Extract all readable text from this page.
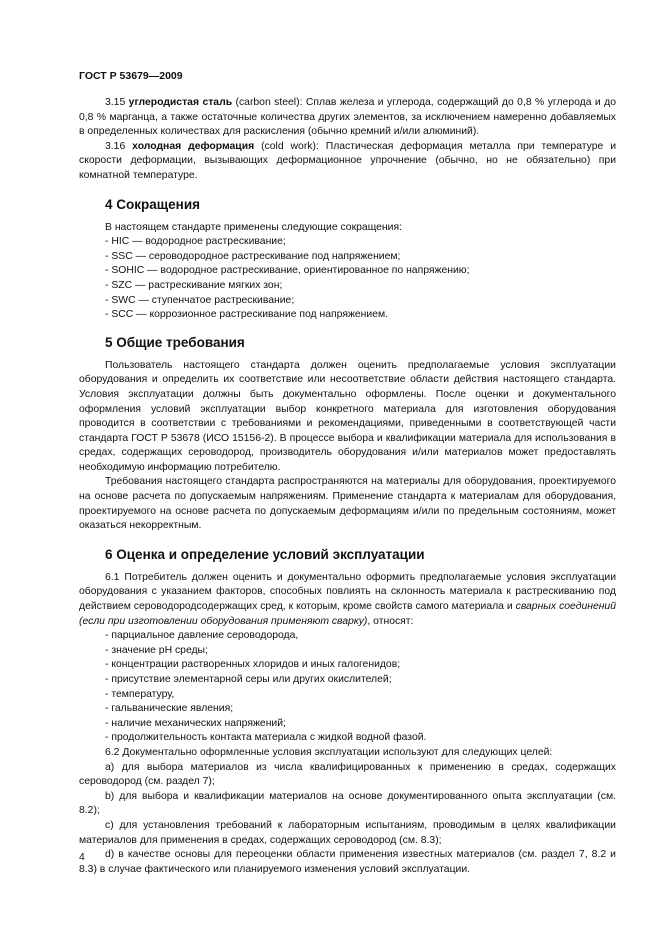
ГОСТ Р 53679—2009

3.15 углеродистая сталь (carbon steel): Сплав железа и углерода, содержащий до 0,8 % углерода и до 0,8 % марганца, а также остаточные количества других элементов, за исключением намеренно добавляемых в определенных количествах для раскисления (обычно кремний и/или алюминий).

3.16 холодная деформация (cold work): Пластическая деформация металла при температуре и скорости деформации, вызывающих деформационное упрочнение (обычно, но не обязательно) при комнатной температуре.

4 Сокращения

В настоящем стандарте применены следующие сокращения:

- HIC — водородное растрескивание;

- SSC — сероводородное растрескивание под напряжением;

- SOHIC — водородное растрескивание, ориентированное по напряжению;

- SZC — растрескивание мягких зон;

- SWC — ступенчатое растрескивание;

- SCC — коррозионное растрескивание под напряжением.

5 Общие требования

Пользователь настоящего стандарта должен оценить предполагаемые условия эксплуатации оборудования и определить их соответствие или несоответствие области действия настоящего стандарта. Условия эксплуатации должны быть документально оформлены. После оценки и документального оформления условий эксплуатации выбор конкретного материала для изготовления оборудования проводится в соответствии с требованиями и рекомендациями, приведенными в соответствующей части стандарта ГОСТ Р 53678 (ИСО 15156-2). В процессе выбора и квалификации материала для использования в средах, содержащих сероводород, производитель оборудования и/или материалов может предоставлять необходимую информацию потребителю.

Требования настоящего стандарта распространяются на материалы для оборудования, проектируемого на основе расчета по допускаемым напряжениям. Применение стандарта к материалам для оборудования, проектируемого на основе расчета по допускаемым деформациям и/или по предельным состояниям, может оказаться некорректным.

6 Оценка и определение условий эксплуатации

6.1 Потребитель должен оценить и документально оформить предполагаемые условия эксплуатации оборудования с указанием факторов, способных повлиять на склонность материала к растрескиванию под действием сероводородсодержащих сред, к которым, кроме свойств самого материала и сварных соединений (если при изготовлении оборудования применяют сварку), относят:

- парциальное давление сероводорода,

- значение рН среды;

- концентрации растворенных хлоридов и иных галогенидов;

- присутствие элементарной серы или других окислителей;

- температуру,

- гальванические явления;

- наличие механических напряжений;

- продолжительность контакта материала с жидкой водной фазой.

6.2 Документально оформленные условия эксплуатации используют для следующих целей:

а) для выбора материалов из числа квалифицированных к применению в средах, содержащих сероводород (см. раздел 7);

b) для выбора и квалификации материалов на основе документированного опыта эксплуатации (см. 8.2);

с) для установления требований к лабораторным испытаниям, проводимым в целях квалификации материалов для применения в средах, содержащих сероводород (см. 8.3);

d) в качестве основы для переоценки области применения известных материалов (см. раздел 7, 8.2 и 8.3) в случае фактического или планируемого изменения условий эксплуатации.

4
